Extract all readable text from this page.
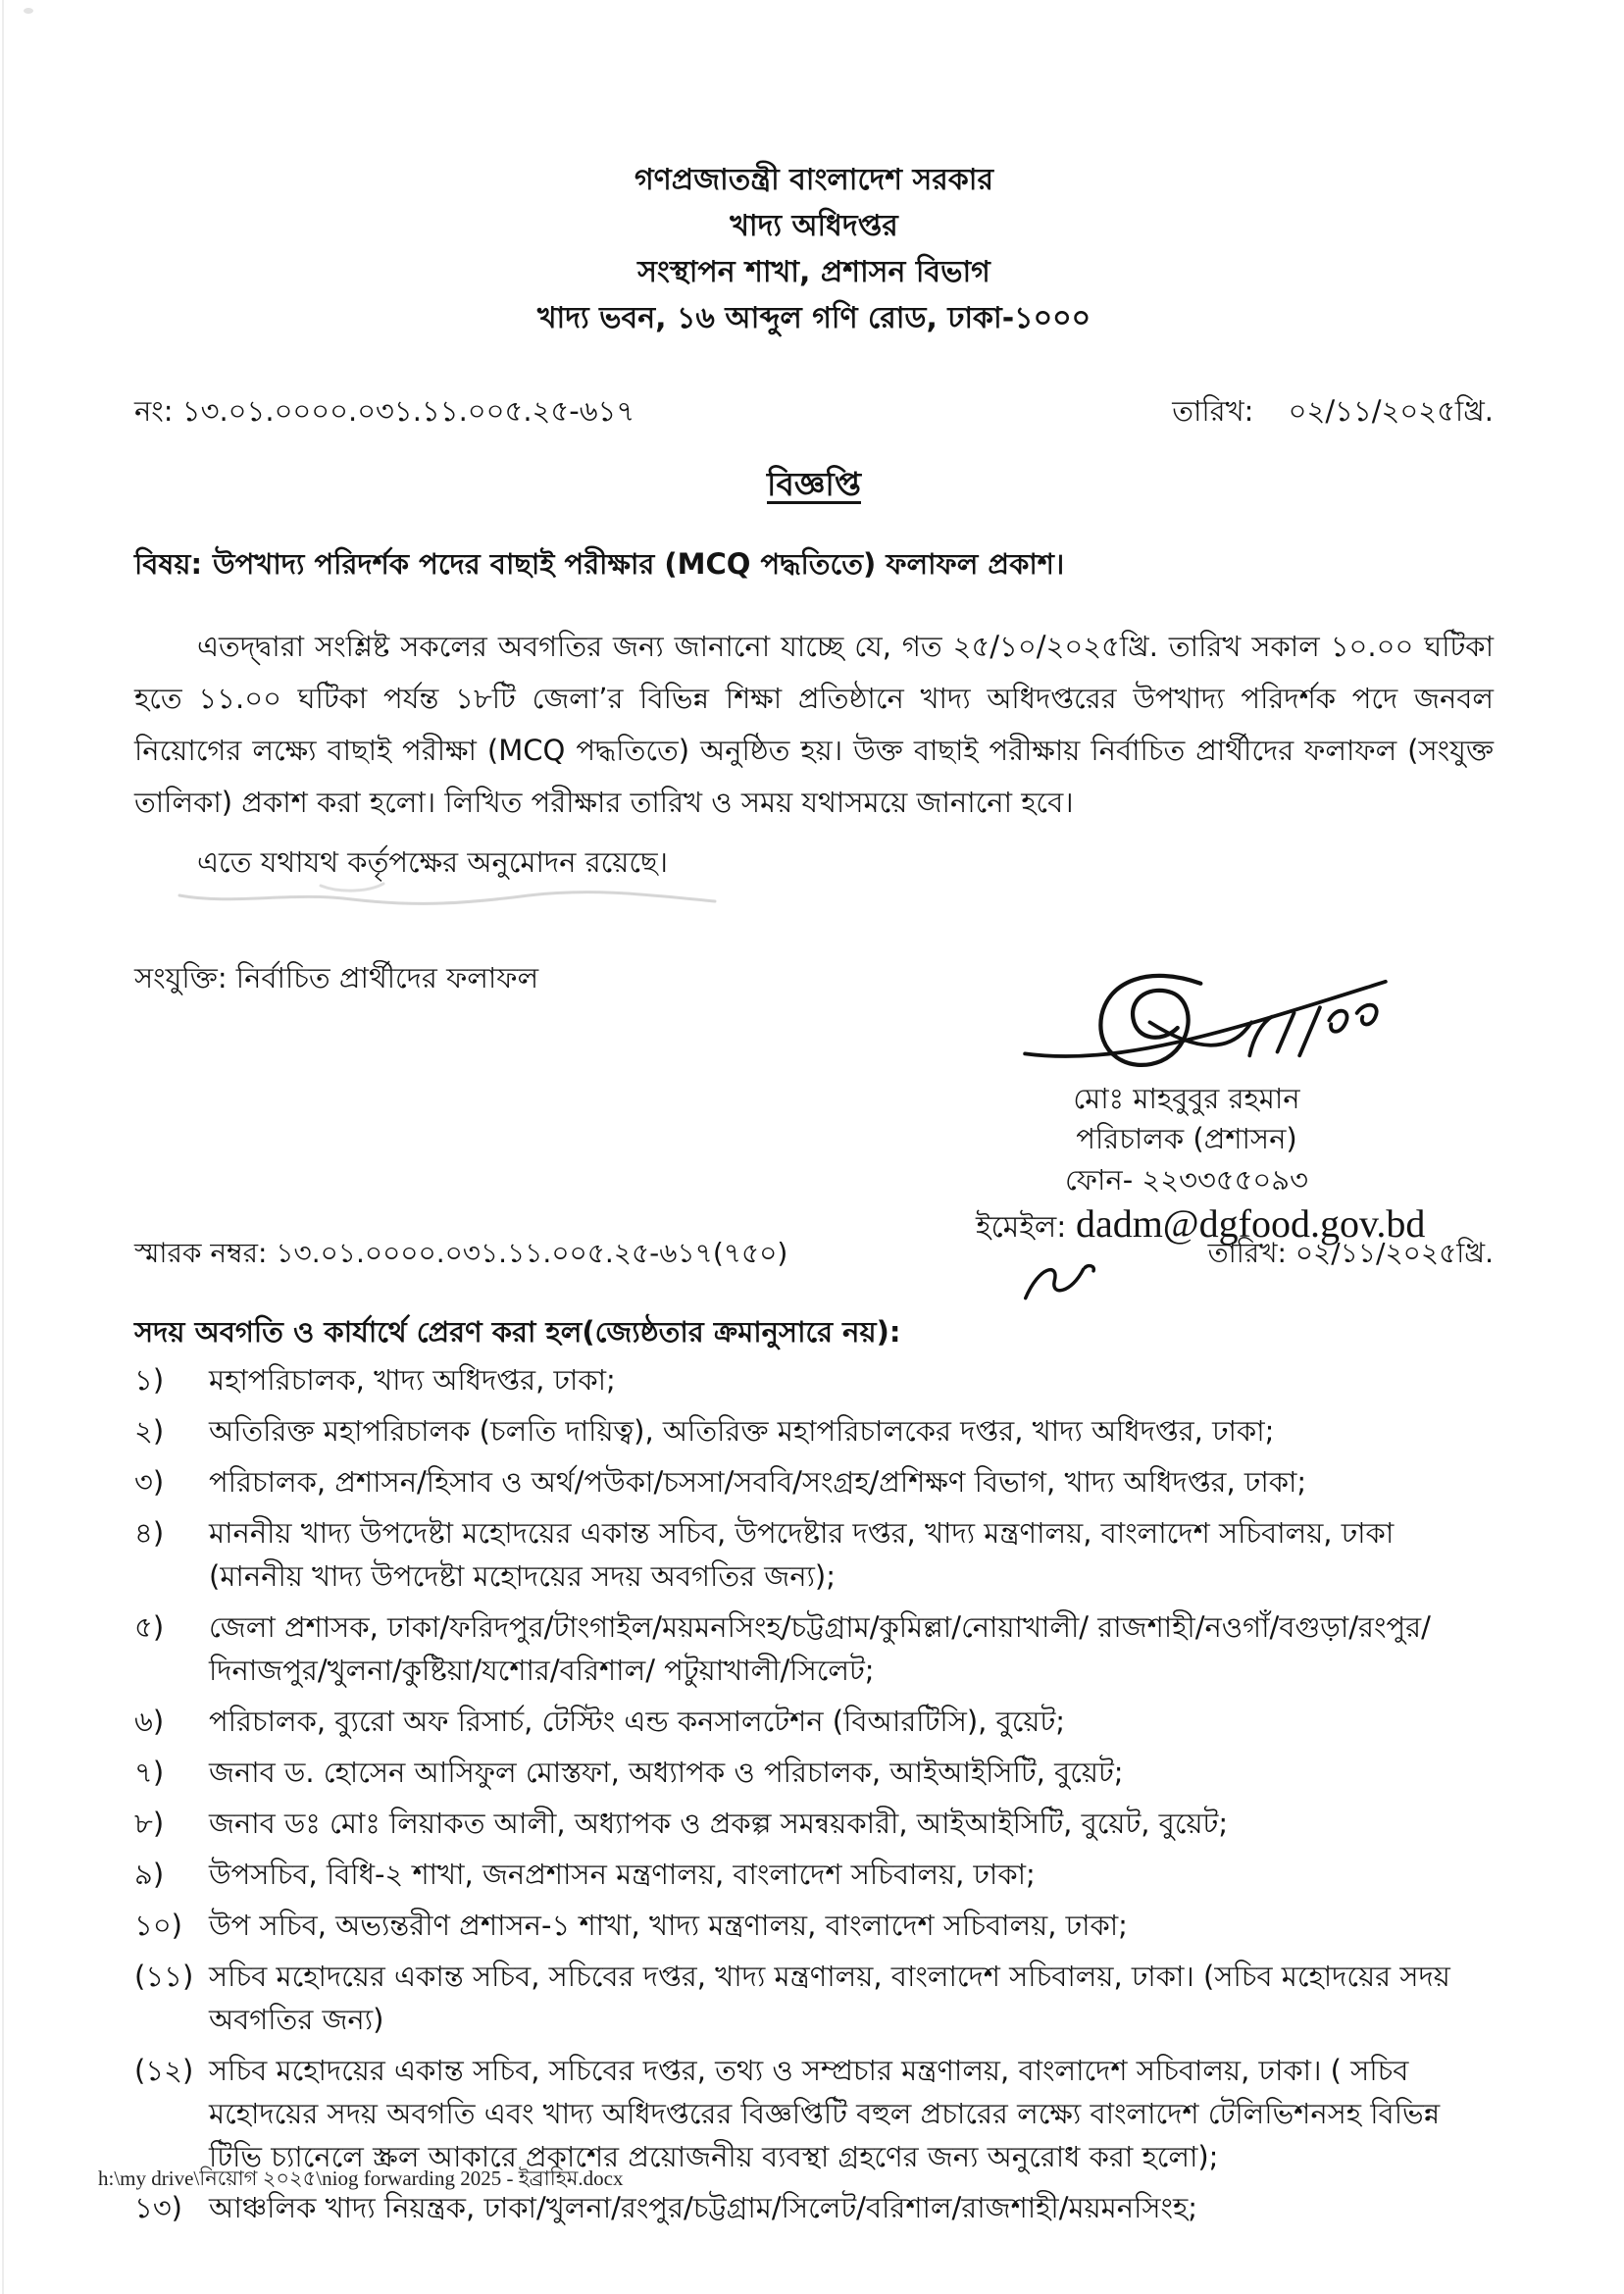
গণপ্রজাতন্ত্রী বাংলাদেশ সরকার
খাদ্য অধিদপ্তর
সংস্থাপন শাখা, প্রশাসন বিভাগ
খাদ্য ভবন, ১৬ আব্দুল গণি রোড, ঢাকা-১০০০
নং: ১৩.০১.০০০০.০৩১.১১.০০৫.২৫-৬১৭	তারিখ: ০২/১১/২০২৫খ্রি.
বিজ্ঞপ্তি
বিষয়: উপখাদ্য পরিদর্শক পদের বাছাই পরীক্ষার (MCQ পদ্ধতিতে) ফলাফল প্রকাশ।
এতদ্দ্বারা সংশ্লিষ্ট সকলের অবগতির জন্য জানানো যাচ্ছে যে, গত ২৫/১০/২০২৫খ্রি. তারিখ সকাল ১০.০০ ঘটিকা হতে ১১.০০ ঘটিকা পর্যন্ত ১৮টি জেলা’র বিভিন্ন শিক্ষা প্রতিষ্ঠানে খাদ্য অধিদপ্তরের উপখাদ্য পরিদর্শক পদে জনবল নিয়োগের লক্ষ্যে বাছাই পরীক্ষা (MCQ পদ্ধতিতে) অনুষ্ঠিত হয়। উক্ত বাছাই পরীক্ষায় নির্বাচিত প্রার্থীদের ফলাফল (সংযুক্ত তালিকা) প্রকাশ করা হলো। লিখিত পরীক্ষার তারিখ ও সময় যথাসময়ে জানানো হবে।
এতে যথাযথ কর্তৃপক্ষের অনুমোদন রয়েছে।
সংযুক্তি: নির্বাচিত প্রার্থীদের ফলাফল
স্মারক নম্বর: ১৩.০১.০০০০.০৩১.১১.০০৫.২৫-৬১৭(৭৫০)	তারিখ: ০২/১১/২০২৫খ্রি.
সদয় অবগতি ও কার্যার্থে প্রেরণ করা হল(জ্যেষ্ঠতার ক্রমানুসারে নয়):
১)	মহাপরিচালক, খাদ্য অধিদপ্তর, ঢাকা;
২)	অতিরিক্ত মহাপরিচালক (চলতি দায়িত্ব), অতিরিক্ত মহাপরিচালকের দপ্তর, খাদ্য অধিদপ্তর, ঢাকা;
৩)	পরিচালক, প্রশাসন/হিসাব ও অর্থ/পউকা/চসসা/সববি/সংগ্রহ/প্রশিক্ষণ বিভাগ, খাদ্য অধিদপ্তর, ঢাকা;
৪)	মাননীয় খাদ্য উপদেষ্টা মহোদয়ের একান্ত সচিব, উপদেষ্টার দপ্তর, খাদ্য মন্ত্রণালয়, বাংলাদেশ সচিবালয়, ঢাকা (মাননীয় খাদ্য উপদেষ্টা মহোদয়ের সদয় অবগতির জন্য);
৫)	জেলা প্রশাসক, ঢাকা/ফরিদপুর/টাংগাইল/ময়মনসিংহ/চট্টগ্রাম/কুমিল্লা/নোয়াখালী/ রাজশাহী/নওগাঁ/বগুড়া/রংপুর/দিনাজপুর/খুলনা/কুষ্টিয়া/যশোর/বরিশাল/ পটুয়াখালী/সিলেট;
৬)	পরিচালক, ব্যুরো অফ রিসার্চ, টেস্টিং এন্ড কনসালটেশন (বিআরটিসি), বুয়েট;
৭)	জনাব ড. হোসেন আসিফুল মোস্তফা, অধ্যাপক ও পরিচালক, আইআইসিটি, বুয়েট;
৮)	জনাব ডঃ মোঃ লিয়াকত আলী, অধ্যাপক ও প্রকল্প সমন্বয়কারী, আইআইসিটি, বুয়েট, বুয়েট;
৯)	উপসচিব, বিধি-২ শাখা, জনপ্রশাসন মন্ত্রণালয়, বাংলাদেশ সচিবালয়, ঢাকা;
১০) উপ সচিব, অভ্যন্তরীণ প্রশাসন-১ শাখা, খাদ্য মন্ত্রণালয়, বাংলাদেশ সচিবালয়, ঢাকা;
(১১) সচিব মহোদয়ের একান্ত সচিব, সচিবের দপ্তর, খাদ্য মন্ত্রণালয়, বাংলাদেশ সচিবালয়, ঢাকা। (সচিব মহোদয়ের সদয় অবগতির জন্য)
(১২) সচিব মহোদয়ের একান্ত সচিব, সচিবের দপ্তর, তথ্য ও সম্প্রচার মন্ত্রণালয়, বাংলাদেশ সচিবালয়, ঢাকা। ( সচিব মহোদয়ের সদয় অবগতি এবং খাদ্য অধিদপ্তরের বিজ্ঞপ্তিটি বহুল প্রচারের লক্ষ্যে বাংলাদেশ টেলিভিশনসহ বিভিন্ন টিভি চ্যানেলে স্ক্রল আকারে প্রকাশের প্রয়োজনীয় ব্যবস্থা গ্রহণের জন্য অনুরোধ করা হলো);
১৩) আঞ্চলিক খাদ্য নিয়ন্ত্রক, ঢাকা/খুলনা/রংপুর/চট্টগ্রাম/সিলেট/বরিশাল/রাজশাহী/ময়মনসিংহ;
মোঃ মাহবুবুর রহমান
পরিচালক (প্রশাসন)
ফোন- ২২৩৩৫৫০৯৩
ইমেইল: dadm@dgfood.gov.bd
h:\my drive\নিয়োগ ২০২৫\niog forwarding 2025 - ইব্রাহিম.docx
